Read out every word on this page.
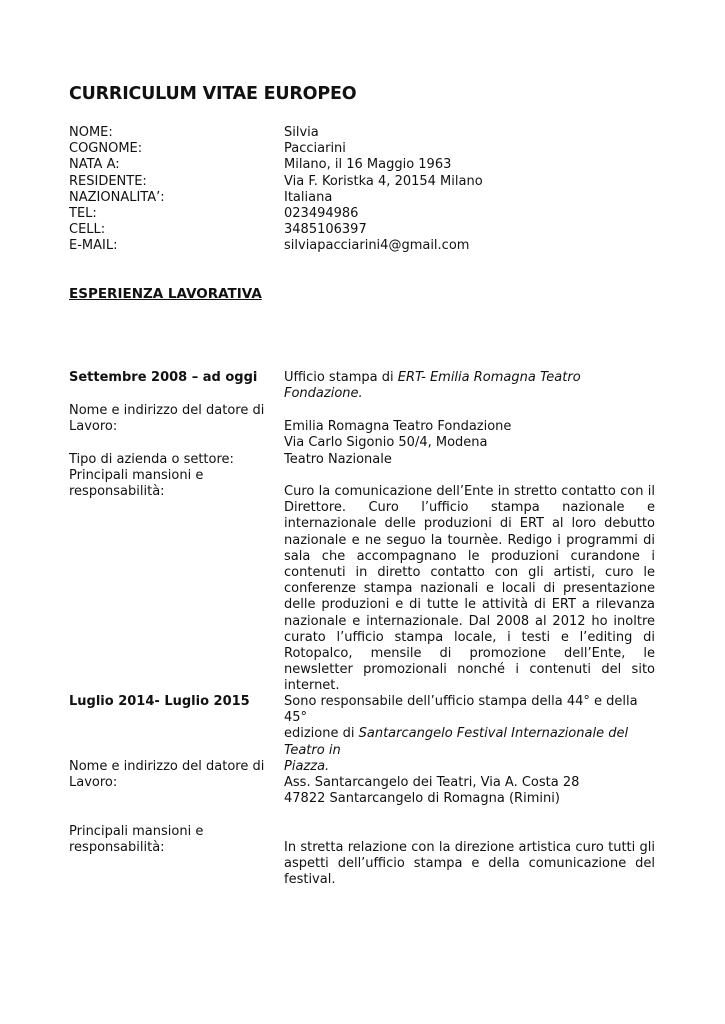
CURRICULUM VITAE EUROPEO
NOME:	Silvia
COGNOME:	Pacciarini
NATA A:	Milano, il 16 Maggio 1963
RESIDENTE:	Via F. Koristka 4, 20154 Milano
NAZIONALITA’:	Italiana
TEL:	023494986
CELL:	3485106397
E-MAIL:	silviapacciarini4@gmail.com
ESPERIENZA LAVORATIVA
Settembre 2008 – ad oggi	Ufficio stampa di ERT- Emilia Romagna Teatro Fondazione.
Nome e indirizzo del datore di
Lavoro:	Emilia Romagna Teatro Fondazione
Via Carlo Sigonio 50/4, Modena
Tipo di azienda o settore:	Teatro Nazionale
Principali mansioni e
responsabilità:	Curo la comunicazione dell’Ente in stretto contatto con il Direttore. Curo l’ufficio stampa nazionale e internazionale delle produzioni di ERT al loro debutto nazionale e ne seguo la tournèe. Redigo i programmi di sala che accompagnano le produzioni curandone i contenuti in diretto contatto con gli artisti, curo le conferenze stampa nazionali e locali di presentazione delle produzioni e di tutte le attività di ERT a rilevanza nazionale e internazionale. Dal 2008 al 2012 ho inoltre curato l’ufficio stampa locale, i testi e l’editing di Rotopalco, mensile di promozione dell’Ente, le newsletter promozionali nonché i contenuti del sito internet.
Luglio 2014- Luglio 2015	Sono responsabile dell’ufficio stampa della 44° e della 45°
edizione di Santarcangelo Festival Internazionale del Teatro in
Piazza.
Nome e indirizzo del datore di
Lavoro:	Ass. Santarcangelo dei Teatri, Via A. Costa 28
47822 Santarcangelo di Romagna (Rimini)
Principali mansioni e
responsabilità:	In stretta relazione con la direzione artistica curo tutti gli aspetti dell’ufficio stampa e della comunicazione del festival.
